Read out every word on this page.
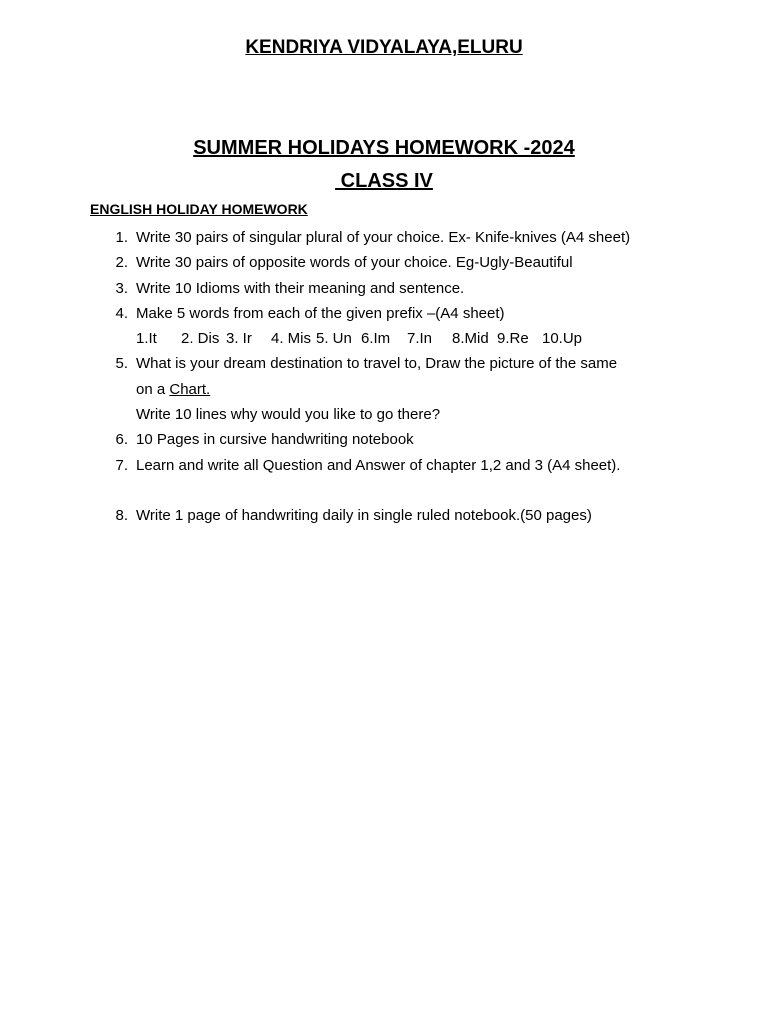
KENDRIYA VIDYALAYA,ELURU
SUMMER HOLIDAYS HOMEWORK -2024
CLASS IV
ENGLISH HOLIDAY HOMEWORK
1. Write 30 pairs of singular plural of your choice. Ex- Knife-knives (A4 sheet)
2. Write 30 pairs of opposite words of your choice. Eg-Ugly-Beautiful
3. Write 10 Idioms with their meaning and sentence.
4. Make 5 words from each of the given prefix –(A4 sheet)
1.It 2. Dis 3. Ir 4. Mis 5. Un 6.Im 7.In 8.Mid 9.Re 10.Up
5. What is your dream destination to travel to, Draw the picture of the same
on a Chart.
Write 10 lines why would you like to go there?
6. 10 Pages in cursive handwriting notebook
7. Learn and write all Question and Answer of chapter 1,2 and 3 (A4 sheet).
8. Write 1 page of handwriting daily in single ruled notebook.(50 pages)
